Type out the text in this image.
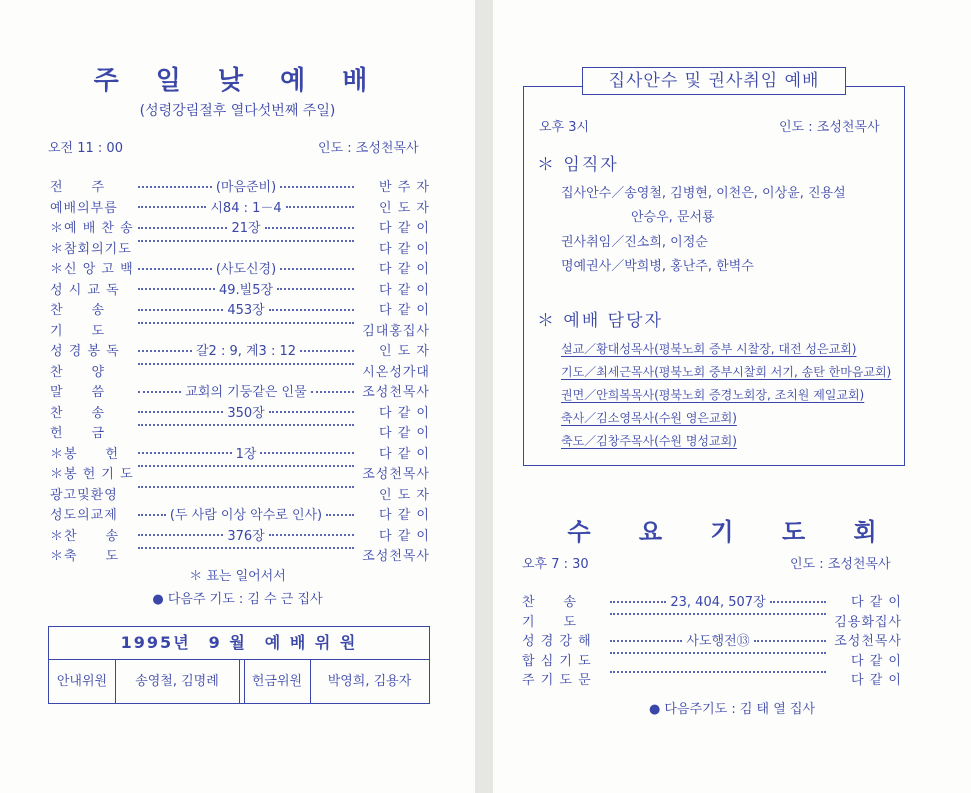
주 일 낮 예 배
(성령강림절후 열다섯번째 주일)
오전 11 : 00	인도 : 조성천목사
전　　주	(마음준비)	반 주 자
예배의부름	시84 : 1－4	인 도 자
＊예 배 찬 송	21장	다 같 이
＊참회의기도	다 같 이
＊신 앙 고 백	(사도신경)	다 같 이
성 시 교 독	49.빌5장	다 같 이
찬　　송	453장	다 같 이
기　　도	김대홍집사
성 경 봉 독	갈2 : 9, 계3 : 12	인 도 자
찬　　양	시온성가대
말　　씀	교회의 기둥같은 인물	조성천목사
찬　　송	350장	다 같 이
헌　　금	다 같 이
＊봉　　헌	1장	다 같 이
＊봉 헌 기 도	조성천목사
광고및환영	인 도 자
성도의교제	(두 사람 이상 악수로 인사)	다 같 이
＊찬　　송	376장	다 같 이
＊축　　도	조성천목사
＊ 표는 일어서서
● 다음주 기도 : 김 수 근 집사
1995년　9 월　예 배 위 원
안내위원	송영철, 김명례	헌금위원	박영희, 김용자
집사안수 및 권사취임 예배
오후 3시	인도 : 조성천목사
＊ 임직자
집사안수／송영철, 김병현, 이천은, 이상윤, 진용설
안승우, 문서룡
권사취임／진소희, 이정순
명예권사／박희병, 홍난주, 한벽수
＊ 예배 담당자
설교／황대성목사(평북노회 증부 시찰장, 대전 성은교회)
기도／최세근목사(평북노회 중부시찰회 서기, 송탄 한마음교회)
권면／안희복목사(평북노회 증경노회장, 조치원 제일교회)
축사／김소영목사(수원 영은교회)
축도／김창주목사(수원 명성교회)
수 요 기 도 회
오후 7 : 30	인도 : 조성천목사
찬　　송	23, 404, 507장	다 같 이
기　　도	김용화집사
성 경 강 해	사도행전⑬	조성천목사
합 심 기 도	다 같 이
주 기 도 문	다 같 이
● 다음주기도 : 김 태 열 집사
